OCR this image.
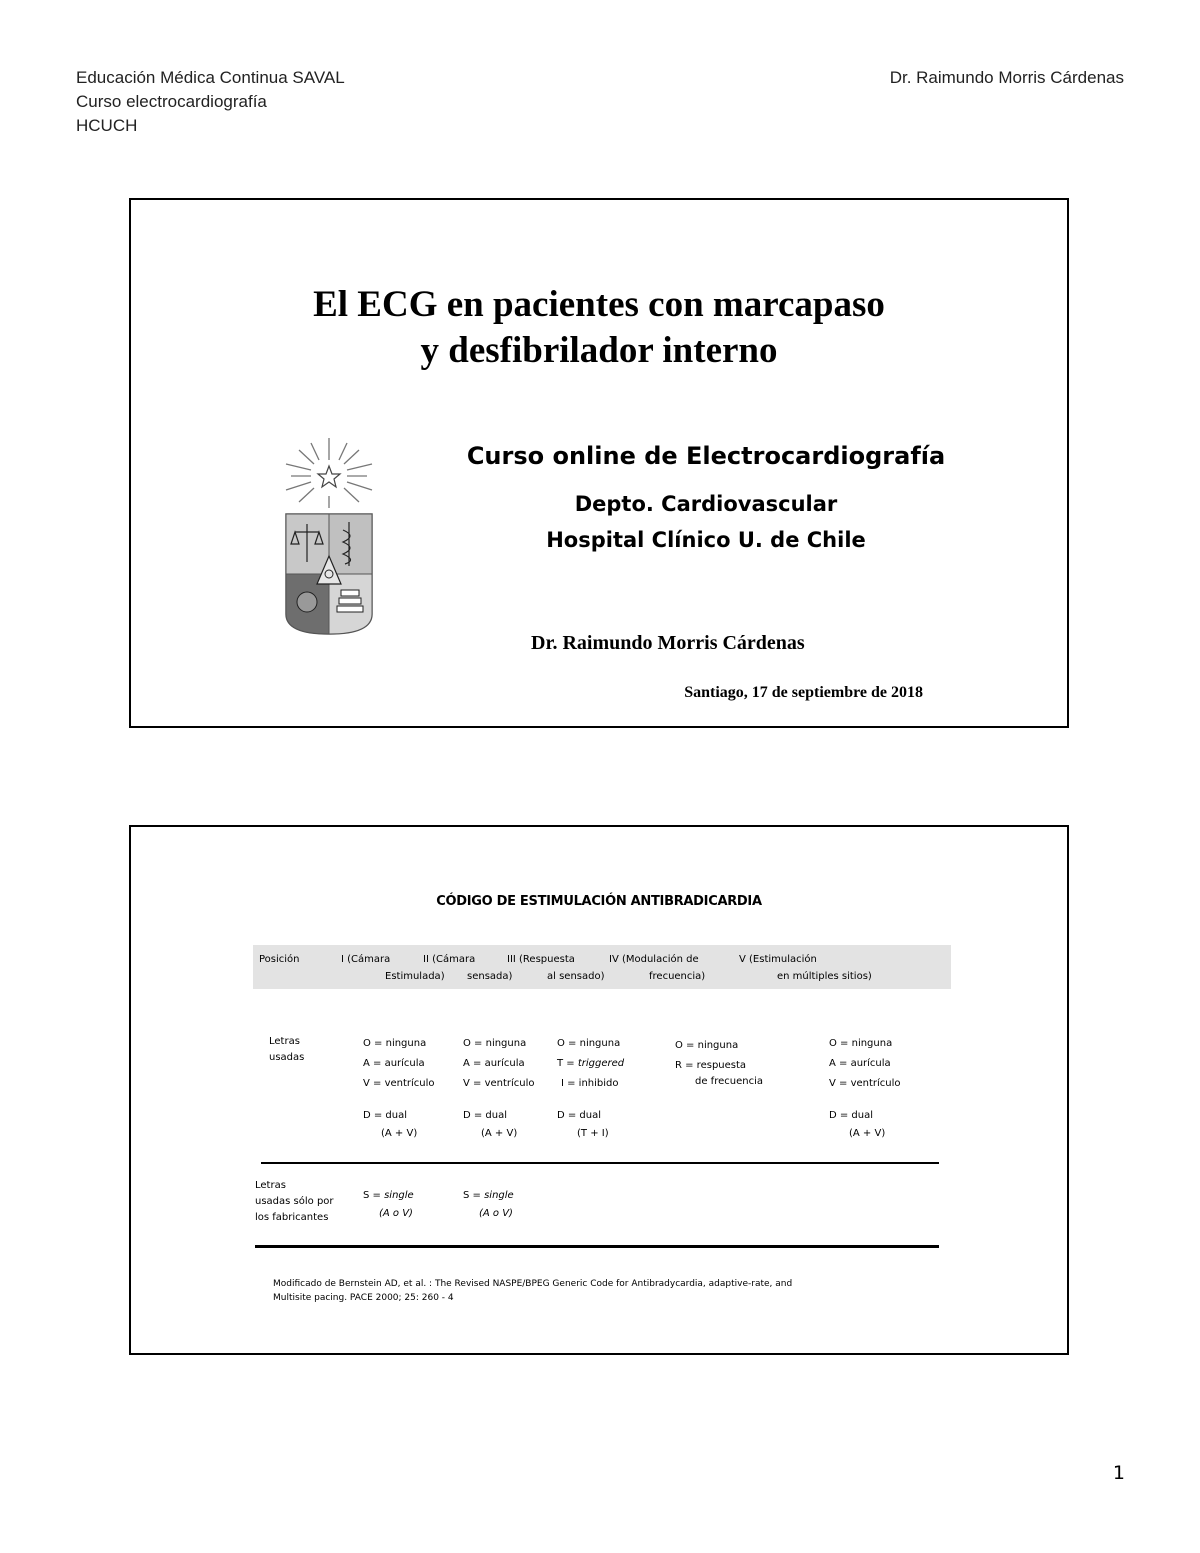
Educación Médica Continua SAVAL
Curso electrocardiografía
HCUCH
Dr. Raimundo Morris Cárdenas
El ECG en pacientes con marcapaso
y desfibrilador interno
Curso online de Electrocardiografía
Depto. Cardiovascular
Hospital Clínico U. de Chile
Dr. Raimundo Morris Cárdenas
Santiago, 17 de septiembre de 2018
CÓDIGO DE ESTIMULACIÓN ANTIBRADICARDIA
Posición	I (Cámara
Estimulada)
II (Cámara
sensada)
III (Respuesta
al sensado)
IV (Modulación de
frecuencia)
V (Estimulación
en múltiples sitios)
Letras
usadas
O = ninguna
A = aurícula
V = ventrículo
D = dual
(A + V)
O = ninguna
A = aurícula
V = ventrículo
D = dual
(A + V)
O = ninguna
T = triggered
I = inhibido
D = dual
(T + I)
O = ninguna
R = respuesta
de frecuencia
O = ninguna
A = aurícula
V = ventrículo
D = dual
(A + V)
Letras
usadas sólo por
los fabricantes
S = single
(A o V)
S = single
(A o V)
Modificado de Bernstein AD, et al. : The Revised NASPE/BPEG Generic Code for Antibradycardia, adaptive-rate, and
Multisite pacing. PACE 2000; 25: 260 - 4
1
